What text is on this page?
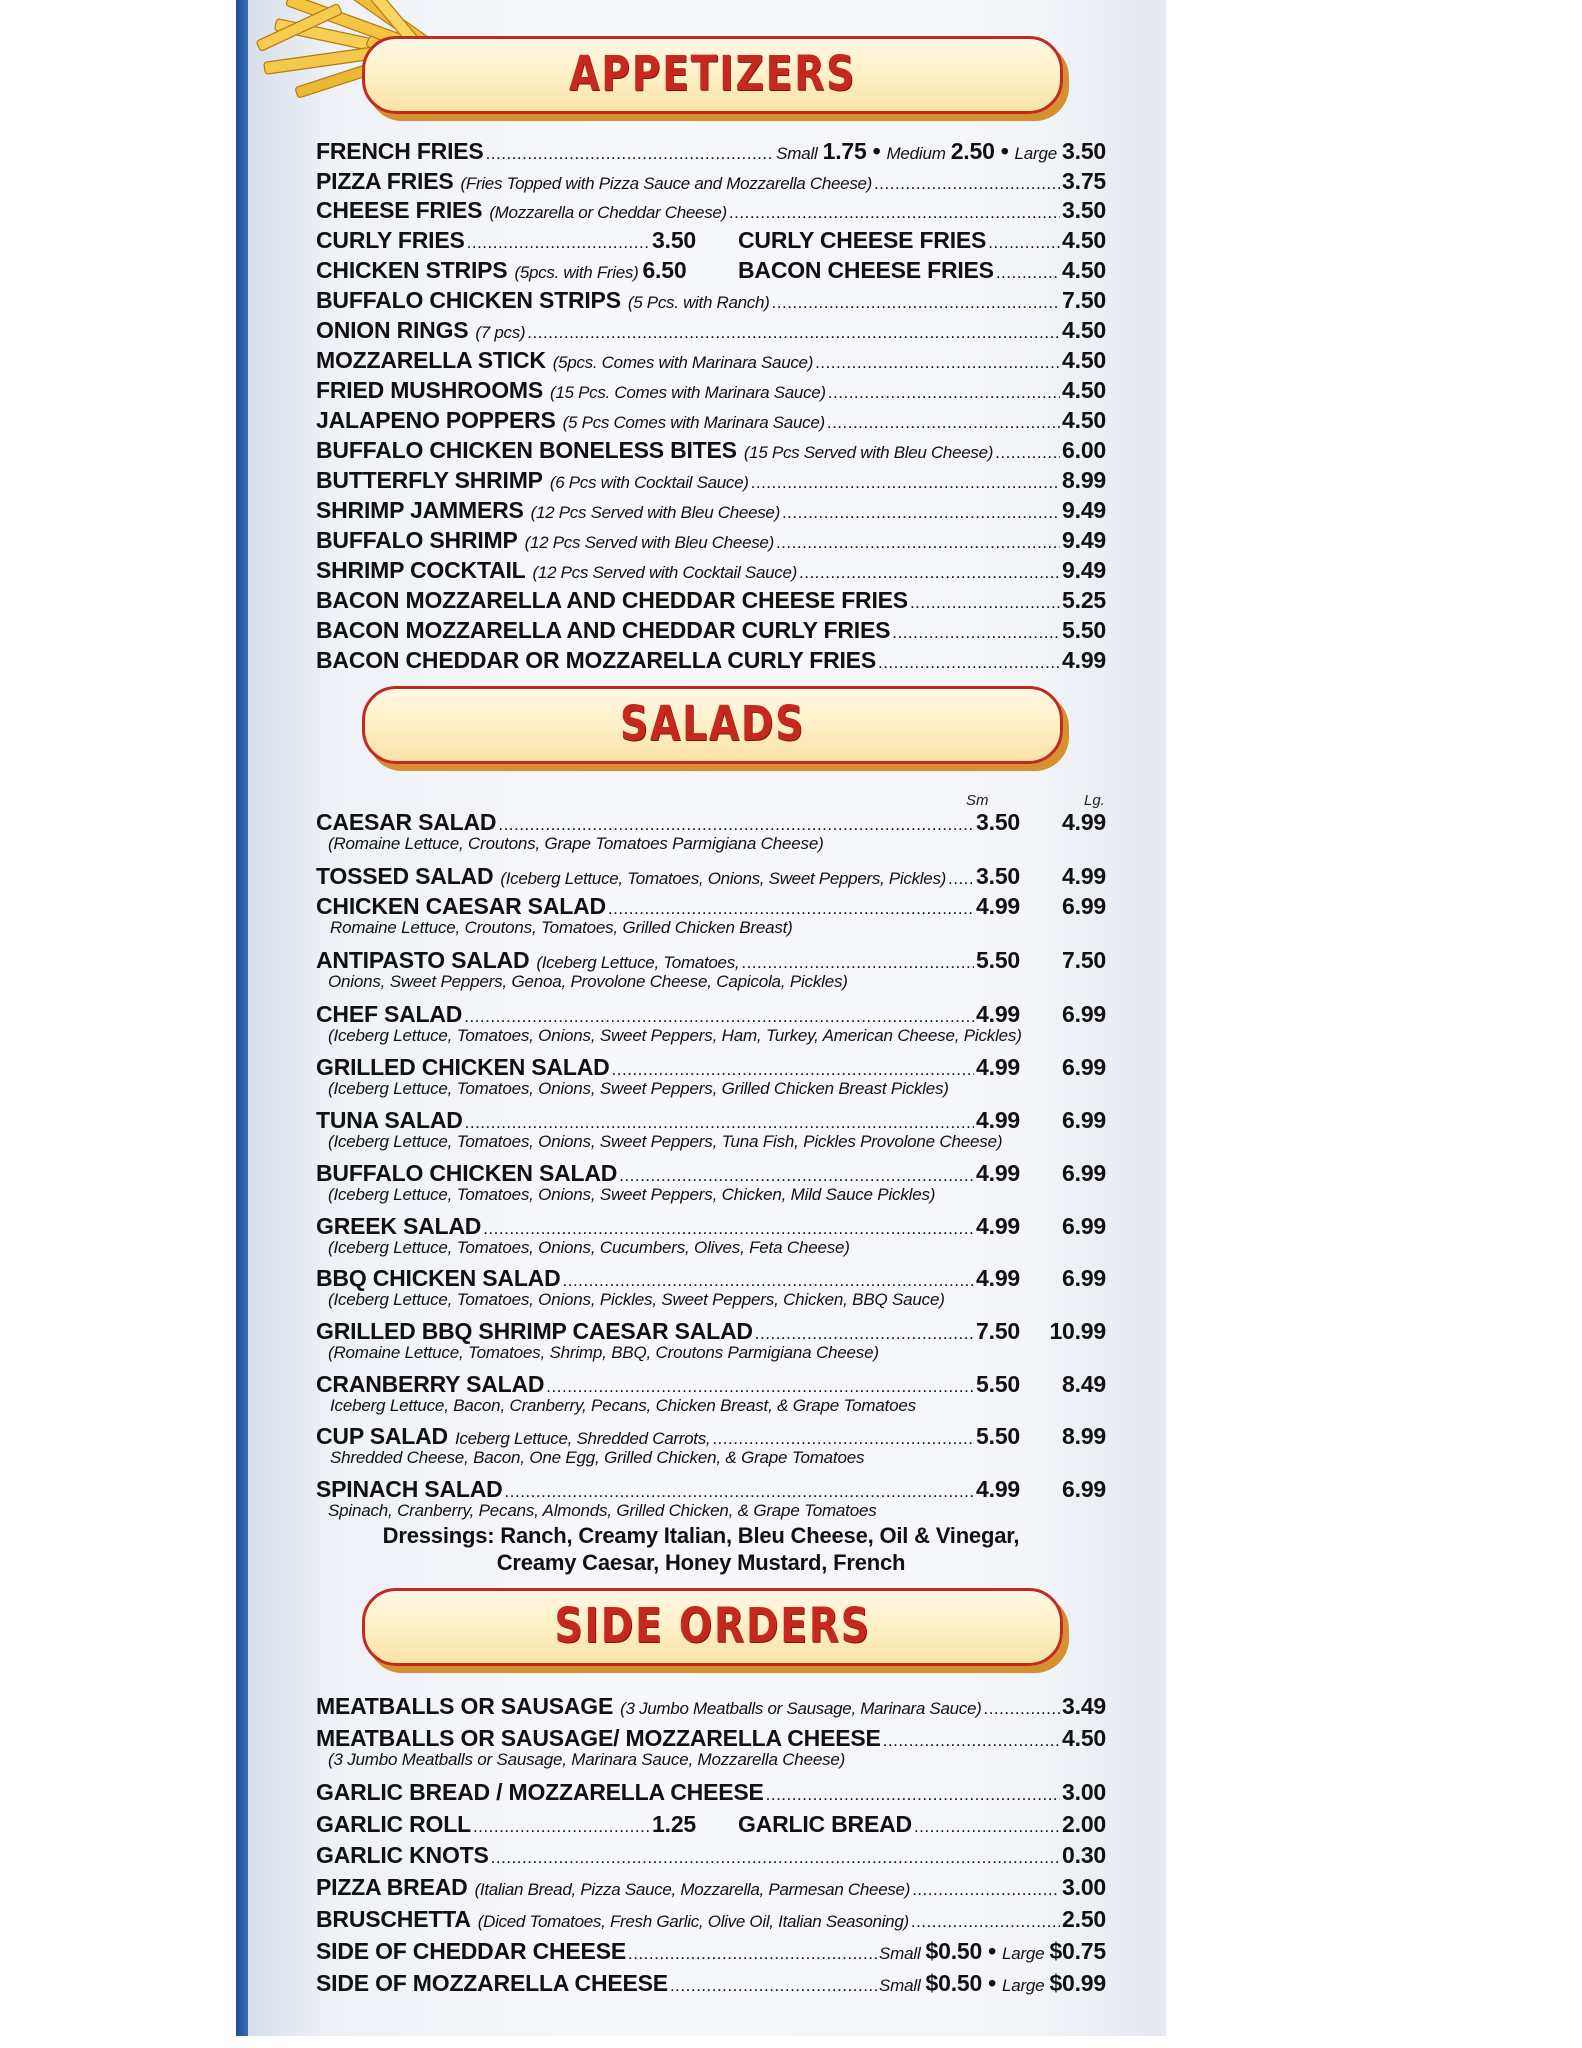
APPETIZERS
FRENCH FRIES .....	Small 1.75 • Medium 2.50 • Large 3.50
PIZZA FRIES (Fries Topped with Pizza Sauce and Mozzarella Cheese) .....	3.75
CHEESE FRIES (Mozzarella or Cheddar Cheese) .....	3.50
CURLY FRIES .....	3.50 CURLY CHEESE FRIES .....	4.50
CHICKEN STRIPS (5pcs. with Fries) 6.50 BACON CHEESE FRIES .....	4.50
BUFFALO CHICKEN STRIPS (5 Pcs. with Ranch) .....	7.50
ONION RINGS (7 pcs) .....	4.50
MOZZARELLA STICK (5pcs. Comes with Marinara Sauce) .....	4.50
FRIED MUSHROOMS (15 Pcs. Comes with Marinara Sauce) .....	4.50
JALAPENO POPPERS (5 Pcs Comes with Marinara Sauce) .....	4.50
BUFFALO CHICKEN BONELESS BITES (15 Pcs Served with Bleu Cheese) .....	6.00
BUTTERFLY SHRIMP (6 Pcs with Cocktail Sauce) .....	8.99
SHRIMP JAMMERS (12 Pcs Served with Bleu Cheese) .....	9.49
BUFFALO SHRIMP (12 Pcs Served with Bleu Cheese) .....	9.49
SHRIMP COCKTAIL (12 Pcs Served with Cocktail Sauce) .....	9.49
BACON MOZZARELLA AND CHEDDAR CHEESE FRIES .....	5.25
BACON MOZZARELLA AND CHEDDAR CURLY FRIES .....	5.50
BACON CHEDDAR OR MOZZARELLA CURLY FRIES .....	4.99
SALADS
Sm	Lg.
CAESAR SALAD .....	3.50	4.99
(Romaine Lettuce, Croutons, Grape Tomatoes Parmigiana Cheese)
TOSSED SALAD (Iceberg Lettuce, Tomatoes, Onions, Sweet Peppers, Pickles) ..... 3.50	4.99
CHICKEN CAESAR SALAD .....	4.99	6.99
Romaine Lettuce, Croutons, Tomatoes, Grilled Chicken Breast)
ANTIPASTO SALAD (Iceberg Lettuce, Tomatoes, .....	5.50	7.50
Onions, Sweet Peppers, Genoa, Provolone Cheese, Capicola, Pickles)
CHEF SALAD .....	4.99	6.99
(Iceberg Lettuce, Tomatoes, Onions, Sweet Peppers, Ham, Turkey, American Cheese, Pickles)
GRILLED CHICKEN SALAD .....	4.99	6.99
(Iceberg Lettuce, Tomatoes, Onions, Sweet Peppers, Grilled Chicken Breast Pickles)
TUNA SALAD .....	4.99	6.99
(Iceberg Lettuce, Tomatoes, Onions, Sweet Peppers, Tuna Fish, Pickles Provolone Cheese)
BUFFALO CHICKEN SALAD .....	4.99	6.99
(Iceberg Lettuce, Tomatoes, Onions, Sweet Peppers, Chicken, Mild Sauce Pickles)
GREEK SALAD .....	4.99	6.99
(Iceberg Lettuce, Tomatoes, Onions, Cucumbers, Olives, Feta Cheese)
BBQ CHICKEN SALAD .....	4.99	6.99
(Iceberg Lettuce, Tomatoes, Onions, Pickles, Sweet Peppers, Chicken, BBQ Sauce)
GRILLED BBQ SHRIMP CAESAR SALAD .....	7.50	10.99
(Romaine Lettuce, Tomatoes, Shrimp, BBQ, Croutons Parmigiana Cheese)
CRANBERRY SALAD .....	5.50	8.49
Iceberg Lettuce, Bacon, Cranberry, Pecans, Chicken Breast, & Grape Tomatoes
CUP SALAD Iceberg Lettuce, Shredded Carrots, .....	5.50	8.99
Shredded Cheese, Bacon, One Egg, Grilled Chicken, & Grape Tomatoes
SPINACH SALAD .....	4.99	6.99
Spinach, Cranberry, Pecans, Almonds, Grilled Chicken, & Grape Tomatoes
Dressings: Ranch, Creamy Italian, Bleu Cheese, Oil & Vinegar,
Creamy Caesar, Honey Mustard, French
SIDE ORDERS
MEATBALLS OR SAUSAGE (3 Jumbo Meatballs or Sausage, Marinara Sauce) .....	3.49
MEATBALLS OR SAUSAGE/ MOZZARELLA CHEESE .....	4.50
(3 Jumbo Meatballs or Sausage, Marinara Sauce, Mozzarella Cheese)
GARLIC BREAD / MOZZARELLA CHEESE .....	3.00
GARLIC ROLL .....	1.25 GARLIC BREAD .....	2.00
GARLIC KNOTS .....	0.30
PIZZA BREAD (Italian Bread, Pizza Sauce, Mozzarella, Parmesan Cheese) .....	3.00
BRUSCHETTA (Diced Tomatoes, Fresh Garlic, Olive Oil, Italian Seasoning) .....	2.50
SIDE OF CHEDDAR CHEESE .....	Small $0.50 • Large $0.75
SIDE OF MOZZARELLA CHEESE .....	Small $0.50 • Large $0.99
